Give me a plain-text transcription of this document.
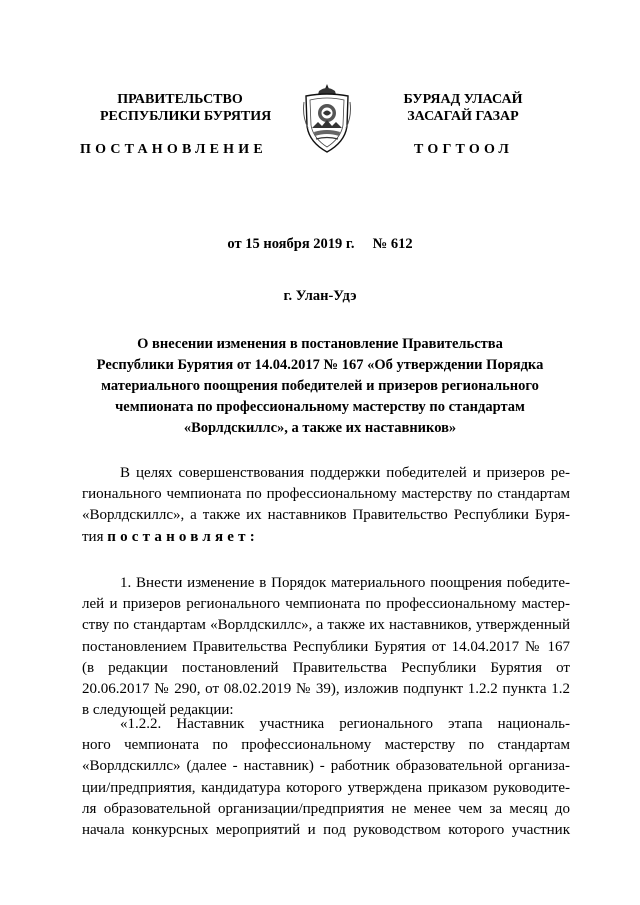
ПРАВИТЕЛЬСТВО
РЕСПУБЛИКИ БУРЯТИЯ
БУРЯАД УЛАСАЙ
ЗАСАГАЙ ГАЗАР
ПОСТАНОВЛЕНИЕ	ТОГТООЛ
от 15 ноября 2019 г.     № 612
г. Улан-Удэ
О внесении изменения в постановление Правительства
Республики Бурятия от 14.04.2017 № 167 «Об утверждении Порядка
материального поощрения победителей и призеров регионального
чемпионата по профессиональному мастерству по стандартам
«Ворлдскиллс», а также их наставников»
В целях совершенствования поддержки победителей и призеров ре-
гионального чемпионата по профессиональному мастерству по стандартам
«Ворлдскиллс», а также их наставников Правительство Республики Буря-
тия постановляет:
1. Внести изменение в Порядок материального поощрения победите-
лей и призеров регионального чемпионата по профессиональному мастер-
ству по стандартам «Ворлдскиллс», а также их наставников, утвержденный
постановлением Правительства Республики Бурятия от 14.04.2017 № 167
(в редакции постановлений Правительства Республики Бурятия от
20.06.2017 № 290, от 08.02.2019 № 39), изложив подпункт 1.2.2 пункта 1.2
в следующей редакции:
«1.2.2. Наставник участника регионального этапа националь-
ного чемпионата по профессиональному мастерству по стандартам
«Ворлдскиллс» (далее - наставник) - работник образовательной организа-
ции/предприятия, кандидатура которого утверждена приказом руководите-
ля образовательной организации/предприятия не менее чем за месяц до
начала конкурсных мероприятий и под руководством которого участник
